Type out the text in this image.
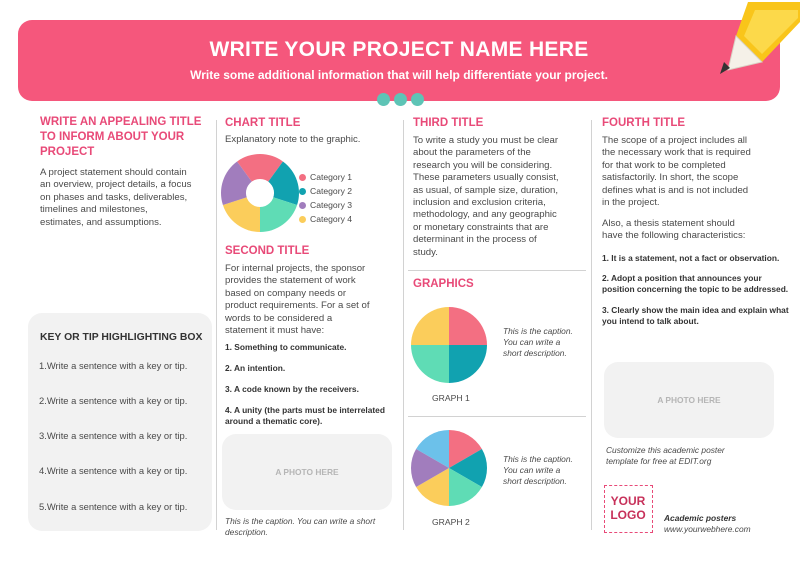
WRITE YOUR PROJECT NAME HERE
Write some additional information that will help differentiate your project.
WRITE AN APPEALING TITLE
TO INFORM ABOUT YOUR
PROJECT
A project statement should contain
an overview, project details, a focus
on phases and tasks, deliverables,
timelines and milestones,
estimates, and assumptions.
KEY OR TIP HIGHLIGHTING BOX
1.Write a sentence with a key or tip.
2.Write a sentence with a key or tip.
3.Write a sentence with a key or tip.
4.Write a sentence with a key or tip.
5.Write a sentence with a key or tip.
CHART TITLE
Explanatory note to the graphic.
Category 1
Category 2
Category 3
Category 4
SECOND TITLE
For internal projects, the sponsor
provides the statement of work
based on company needs or
product requirements. For a set of
words to be considered a
statement it must have:
1. Something to communicate.
2. An intention.
3. A code known by the receivers.
4. A unity (the parts must be interrelated
around a thematic core).
A PHOTO HERE
This is the caption. You can write a short
description.
THIRD TITLE
To write a study you must be clear
about the parameters of the
research you will be considering.
These parameters usually consist,
as usual, of sample size, duration,
inclusion and exclusion criteria,
methodology, and any geographic
or monetary constraints that are
determinant in the process of
study.
GRAPHICS
This is the caption.
You can write a
short description.
GRAPH 1
This is the caption.
You can write a
short description.
GRAPH 2
FOURTH TITLE
The scope of a project includes all
the necessary work that is required
for that work to be completed
satisfactorily. In short, the scope
defines what is and is not included
in the project.
Also, a thesis statement should
have the following characteristics:
1. It is a statement, not a fact or observation.
2. Adopt a position that announces your
position concerning the topic to be addressed.
3. Clearly show the main idea and explain what
you intend to talk about.
A PHOTO HERE
Customize this academic poster
template for free at EDIT.org
YOUR
LOGO	Academic posters
www.yourwebhere.com
